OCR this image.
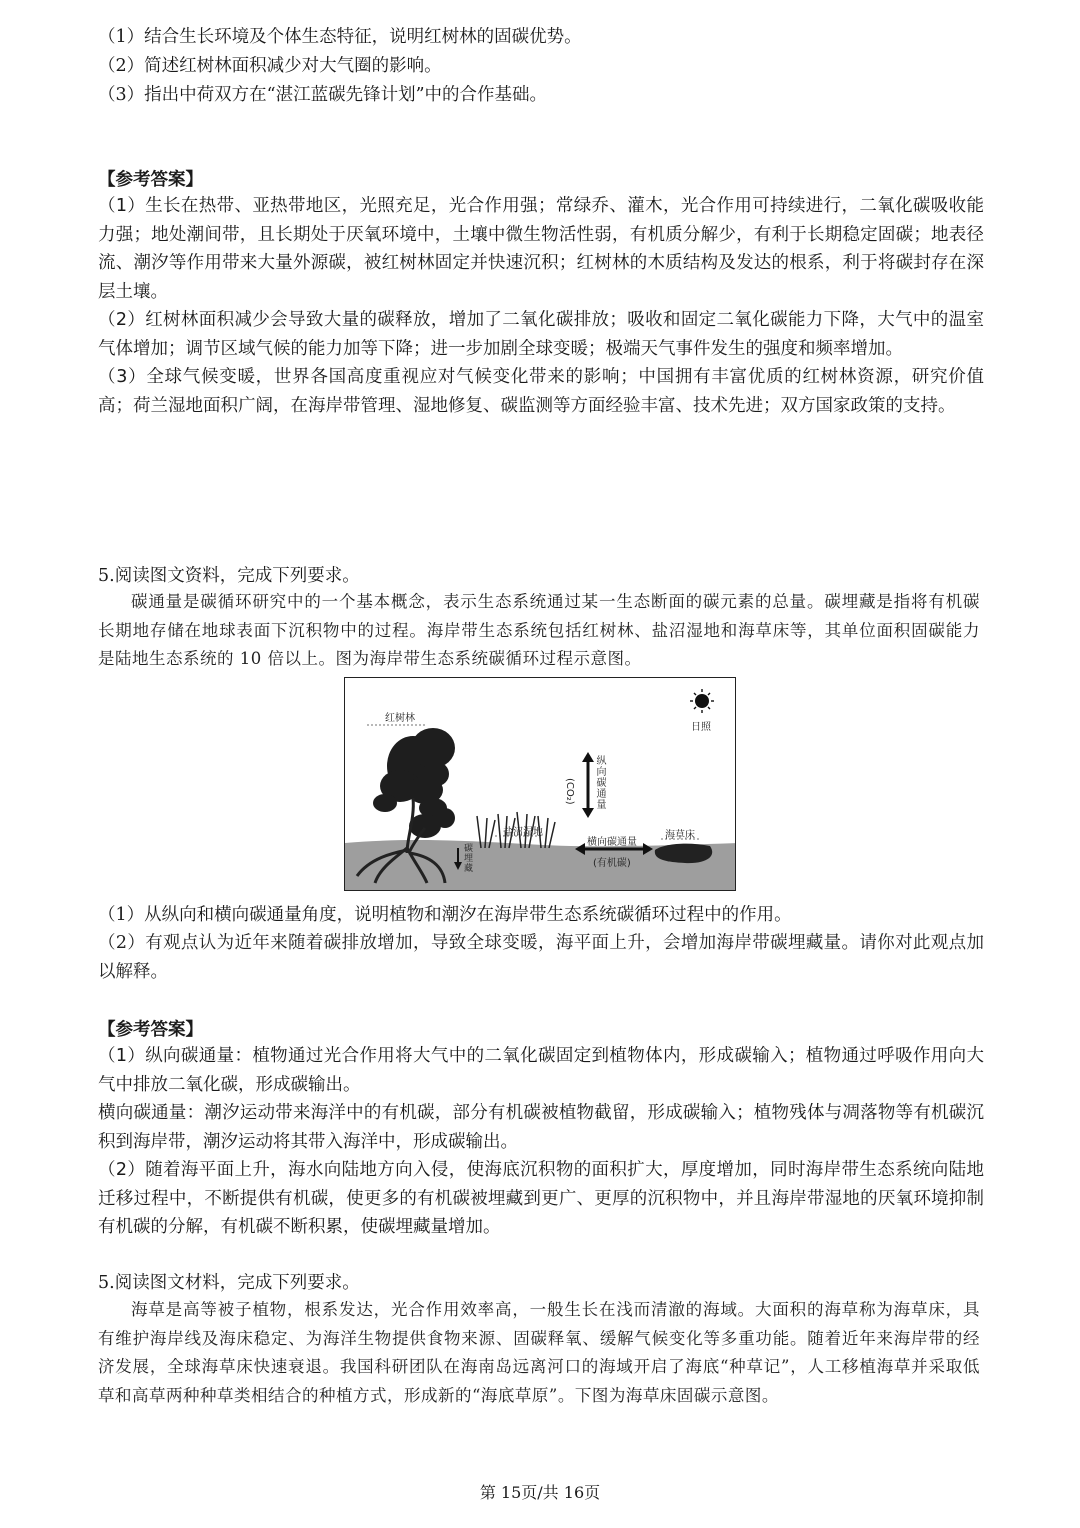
（1）结合生长环境及个体生态特征，说明红树林的固碳优势。
（2）简述红树林面积减少对大气圈的影响。
（3）指出中荷双方在“湛江蓝碳先锋计划”中的合作基础。
【参考答案】

（1）生长在热带、亚热带地区，光照充足，光合作用强；常绿乔、灌木，光合作用可持续进行，二氧化碳吸收能力强；地处潮间带，且长期处于厌氧环境中，土壤中微生物活性弱，有机质分解少，有利于长期稳定固碳；地表径流、潮汐等作用带来大量外源碳，被红树林固定并快速沉积；红树林的木质结构及发达的根系，利于将碳封存在深层土壤。

（2）红树林面积减少会导致大量的碳释放，增加了二氧化碳排放；吸收和固定二氧化碳能力下降，大气中的温室气体增加；调节区域气候的能力加等下降；进一步加剧全球变暖；极端天气事件发生的强度和频率增加。

（3）全球气候变暖，世界各国高度重视应对气候变化带来的影响；中国拥有丰富优质的红树林资源，研究价值高；荷兰湿地面积广阔，在海岸带管理、湿地修复、碳监测等方面经验丰富、技术先进；双方国家政策的支持。

5.阅读图文资料，完成下列要求。
碳通量是碳循环研究中的一个基本概念，表示生态系统通过某一生态断面的碳元素的总量。碳埋藏是指将有机碳长期地存储在地球表面下沉积物中的过程。海岸带生态系统包括红树林、盐沼湿地和海草床等，其单位面积固碳能力是陆地生态系统的 10 倍以上。图为海岸带生态系统碳循环过程示意图。
红树林
日照
纵向碳通量
(CO₂)
盐沼湿地
横向碳通量
(有机碳)
海草床
碳埋藏
（1）从纵向和横向碳通量角度，说明植物和潮汐在海岸带生态系统碳循环过程中的作用。
（2）有观点认为近年来随着碳排放增加，导致全球变暖，海平面上升，会增加海岸带碳埋藏量。请你对此观点加以解释。
【参考答案】

（1）纵向碳通量：植物通过光合作用将大气中的二氧化碳固定到植物体内，形成碳输入；植物通过呼吸作用向大气中排放二氧化碳，形成碳输出。

横向碳通量：潮汐运动带来海洋中的有机碳，部分有机碳被植物截留，形成碳输入；植物残体与凋落物等有机碳沉积到海岸带，潮汐运动将其带入海洋中，形成碳输出。

（2）随着海平面上升，海水向陆地方向入侵，使海底沉积物的面积扩大，厚度增加，同时海岸带生态系统向陆地迁移过程中，不断提供有机碳，使更多的有机碳被埋藏到更广、更厚的沉积物中，并且海岸带湿地的厌氧环境抑制有机碳的分解，有机碳不断积累，使碳埋藏量增加。

5.阅读图文材料，完成下列要求。
海草是高等被子植物，根系发达，光合作用效率高，一般生长在浅而清澈的海域。大面积的海草称为海草床，具有维护海岸线及海床稳定、为海洋生物提供食物来源、固碳释氧、缓解气候变化等多重功能。随着近年来海岸带的经济发展，全球海草床快速衰退。我国科研团队在海南岛远离河口的海域开启了海底“种草记”，人工移植海草并采取低草和高草两种种草类相结合的种植方式，形成新的“海底草原”。下图为海草床固碳示意图。
第 15页/共 16页
